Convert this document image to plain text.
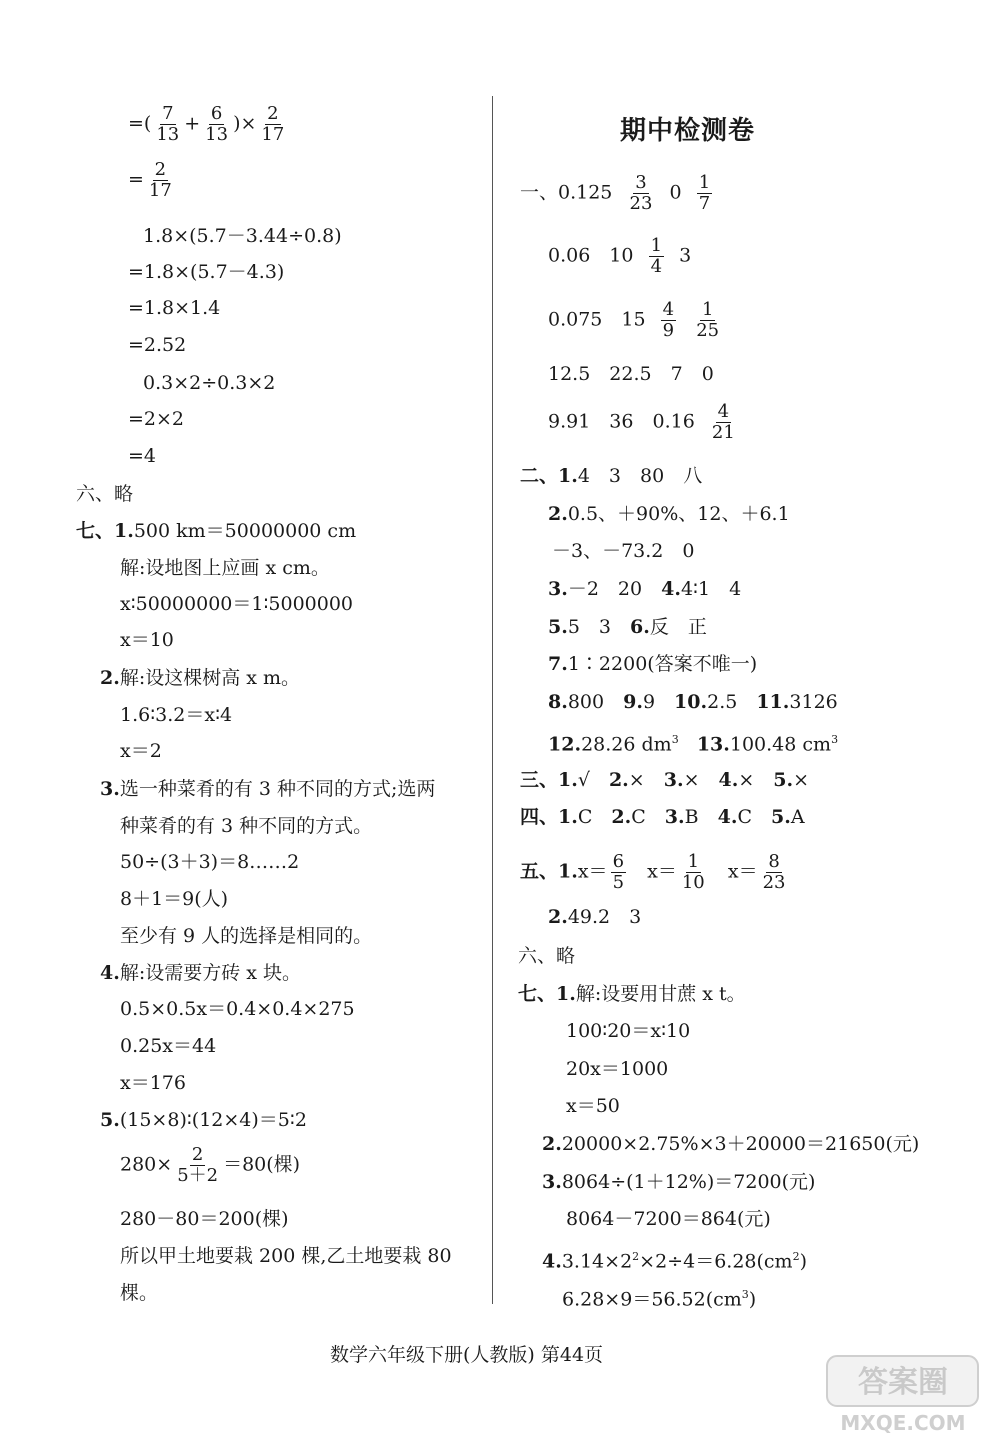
=( $\frac{7}{13} + \frac{6}{13}$ )× $\frac{2}{17}$
= $\frac{2}{17}$
1.8×(5.7－3.44÷0.8)
=1.8×(5.7－4.3)
=1.8×1.4
=2.52
0.3×2÷0.3×2
=2×2
=4
六、略
七、1.500 km＝50000000 cm
解:设地图上应画 x cm。
x∶50000000＝1∶5000000
x＝10
2.解:设这棵树高 x m。
1.6∶3.2＝x∶4
x＝2
3.选一种菜肴的有 3 种不同的方式;选两
种菜肴的有 3 种不同的方式。
50÷(3＋3)＝8……2
8＋1＝9(人)
至少有 9 人的选择是相同的。
4.解:设需要方砖 x 块。
0.5×0.5x＝0.4×0.4×275
0.25x＝44
x＝176
5.(15×8)∶(12×4)＝5∶2
$280\times \frac{2}{5+2} =80$(棵)
280－80＝200(棵)
所以甲土地要栽 200 棵,乙土地要栽 80
棵。
期中检测卷
一、$0.125 \frac{3}{23} 0 \frac{1}{7}$
0.06　$10 \frac{1}{4} 3$
0.075　$15 \frac{4}{9}$
$\frac{1}{25}$
12.5　22.5　7　0
9.91　36　$0.16 \frac{4}{21}$
二、1.4　3　80　八
2.0.5、＋90%、12、＋6.1
－3、－73.2　0
3.－2　20　4.4∶1　4
5.5　3　6.反　正
7.1∶2200(答案不唯一)
8.800　9.9　10.2.5　11.3126
12.28.26 $dm^3$ 13.100.48 $cm^3$
三、1.√　2.×　3.×　4.×　5.×
四、1.C　2.C　3.B　4.C　5.A
五、$1.x= \frac{6}{5} x= \frac{1}{10} x= \frac{8}{23}$
2.49.2　3
六、略
七、1.解:设要用甘蔗 x t。
100∶20＝x∶10
20x＝1000
x＝50
2.20000×2.75%×3＋20000＝21650(元)
3.8064÷(1＋12%)＝7200(元)
8064－7200＝864(元)
$4.3.14\times 2^2\times 2\div 4=6.28(cm^2)$
$6.28\times 9=56.52(cm^3)$
数学六年级下册(人教版) 第44页
答案圈
MXQE.COM
